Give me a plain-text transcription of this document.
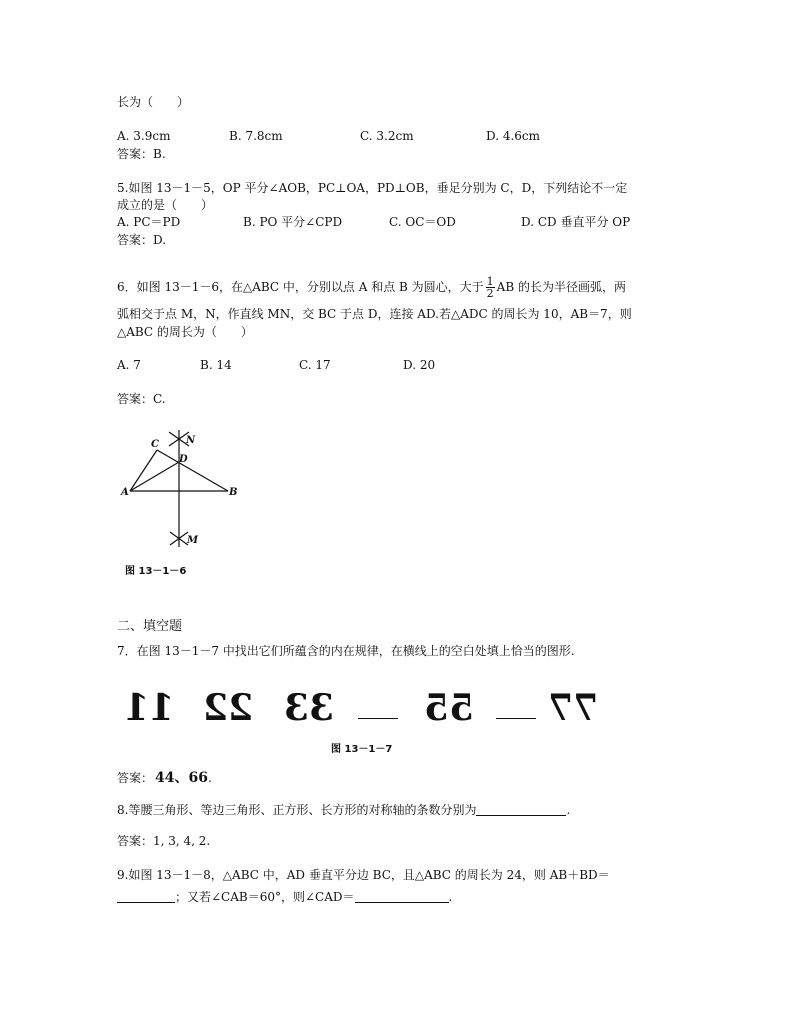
长为（　　）
A. 3.9cm	B. 7.8cm	C. 3.2cm	D. 4.6cm
答案：B.
5.如图 13－1－5，OP 平分∠AOB，PC⊥OA，PD⊥OB，垂足分别为 C，D，下列结论不一定
成立的是（　　）
A. PC＝PD	B. PO 平分∠CPD	C. OC＝OD	D. CD 垂直平分 OP
答案：D.
6．如图 13－1－6，在△ABC 中，分别以点 A 和点 B 为圆心，大于 $\frac{1}{2}$ AB 的长为半径画弧，两
弧相交于点 M，N，作直线 MN，交 BC 于点 D，连接 AD.若△ADC 的周长为 10，AB＝7，则
△ABC 的周长为（　　）
A. 7	B. 14	C. 17	D. 20
答案：C.
C	N
D
A	B
M
图 13－1－6
二、填空题
7．在图 13－1－7 中找出它们所蕴含的内在规律，在横线上的空白处填上恰当的图形.
11 22 33 55 77
图 13－1－7
答案： 44、66.
8.等腰三角形、等边三角形、正方形、长方形的对称轴的条数分别为	.
答案：1, 3, 4, 2.
9.如图 13－1－8，△ABC 中，AD 垂直平分边 BC，且△ABC 的周长为 24，则 AB＋BD＝
；又若∠CAB＝60°，则∠CAD＝	.
